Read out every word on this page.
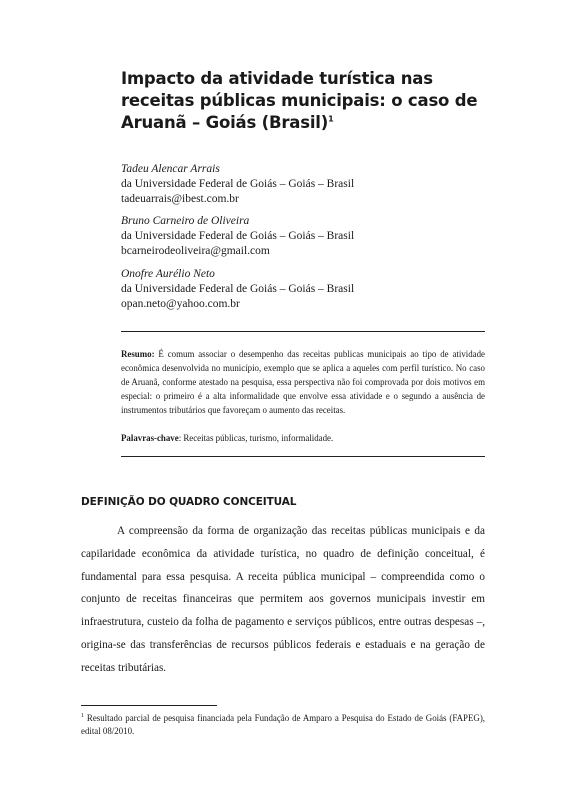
Impacto da atividade turística nas receitas públicas municipais: o caso de Aruanã – Goiás (Brasil)$^1$
Tadeu Alencar Arrais
da Universidade Federal de Goiás – Goiás – Brasil
tadeuarrais@ibest.com.br
Bruno Carneiro de Oliveira
da Universidade Federal de Goiás – Goiás – Brasil
bcarneirodeoliveira@gmail.com
Onofre Aurélio Neto
da Universidade Federal de Goiás – Goiás – Brasil
opan.neto@yahoo.com.br
Resumo: É comum associar o desempenho das receitas publicas municipais ao tipo de atividade econômica desenvolvida no município, exemplo que se aplica a aqueles com perfil turístico. No caso de Aruanã, conforme atestado na pesquisa, essa perspectiva não foi comprovada por dois motivos em especial: o primeiro é a alta informalidade que envolve essa atividade e o segundo a ausência de instrumentos tributários que favoreçam o aumento das receitas.
Palavras-chave: Receitas públicas, turismo, informalidade.
DEFINIÇÃO DO QUADRO CONCEITUAL
A compreensão da forma de organização das receitas públicas municipais e da capilaridade econômica da atividade turística, no quadro de definição conceitual, é fundamental para essa pesquisa. A receita pública municipal – compreendida como o conjunto de receitas financeiras que permitem aos governos municipais investir em infraestrutura, custeio da folha de pagamento e serviços públicos, entre outras despesas –, origina-se das transferências de recursos públicos federais e estaduais e na geração de receitas tributárias.
$^1$ Resultado parcial de pesquisa financiada pela Fundação de Amparo a Pesquisa do Estado de Goiás (FAPEG), edital 08/2010.
